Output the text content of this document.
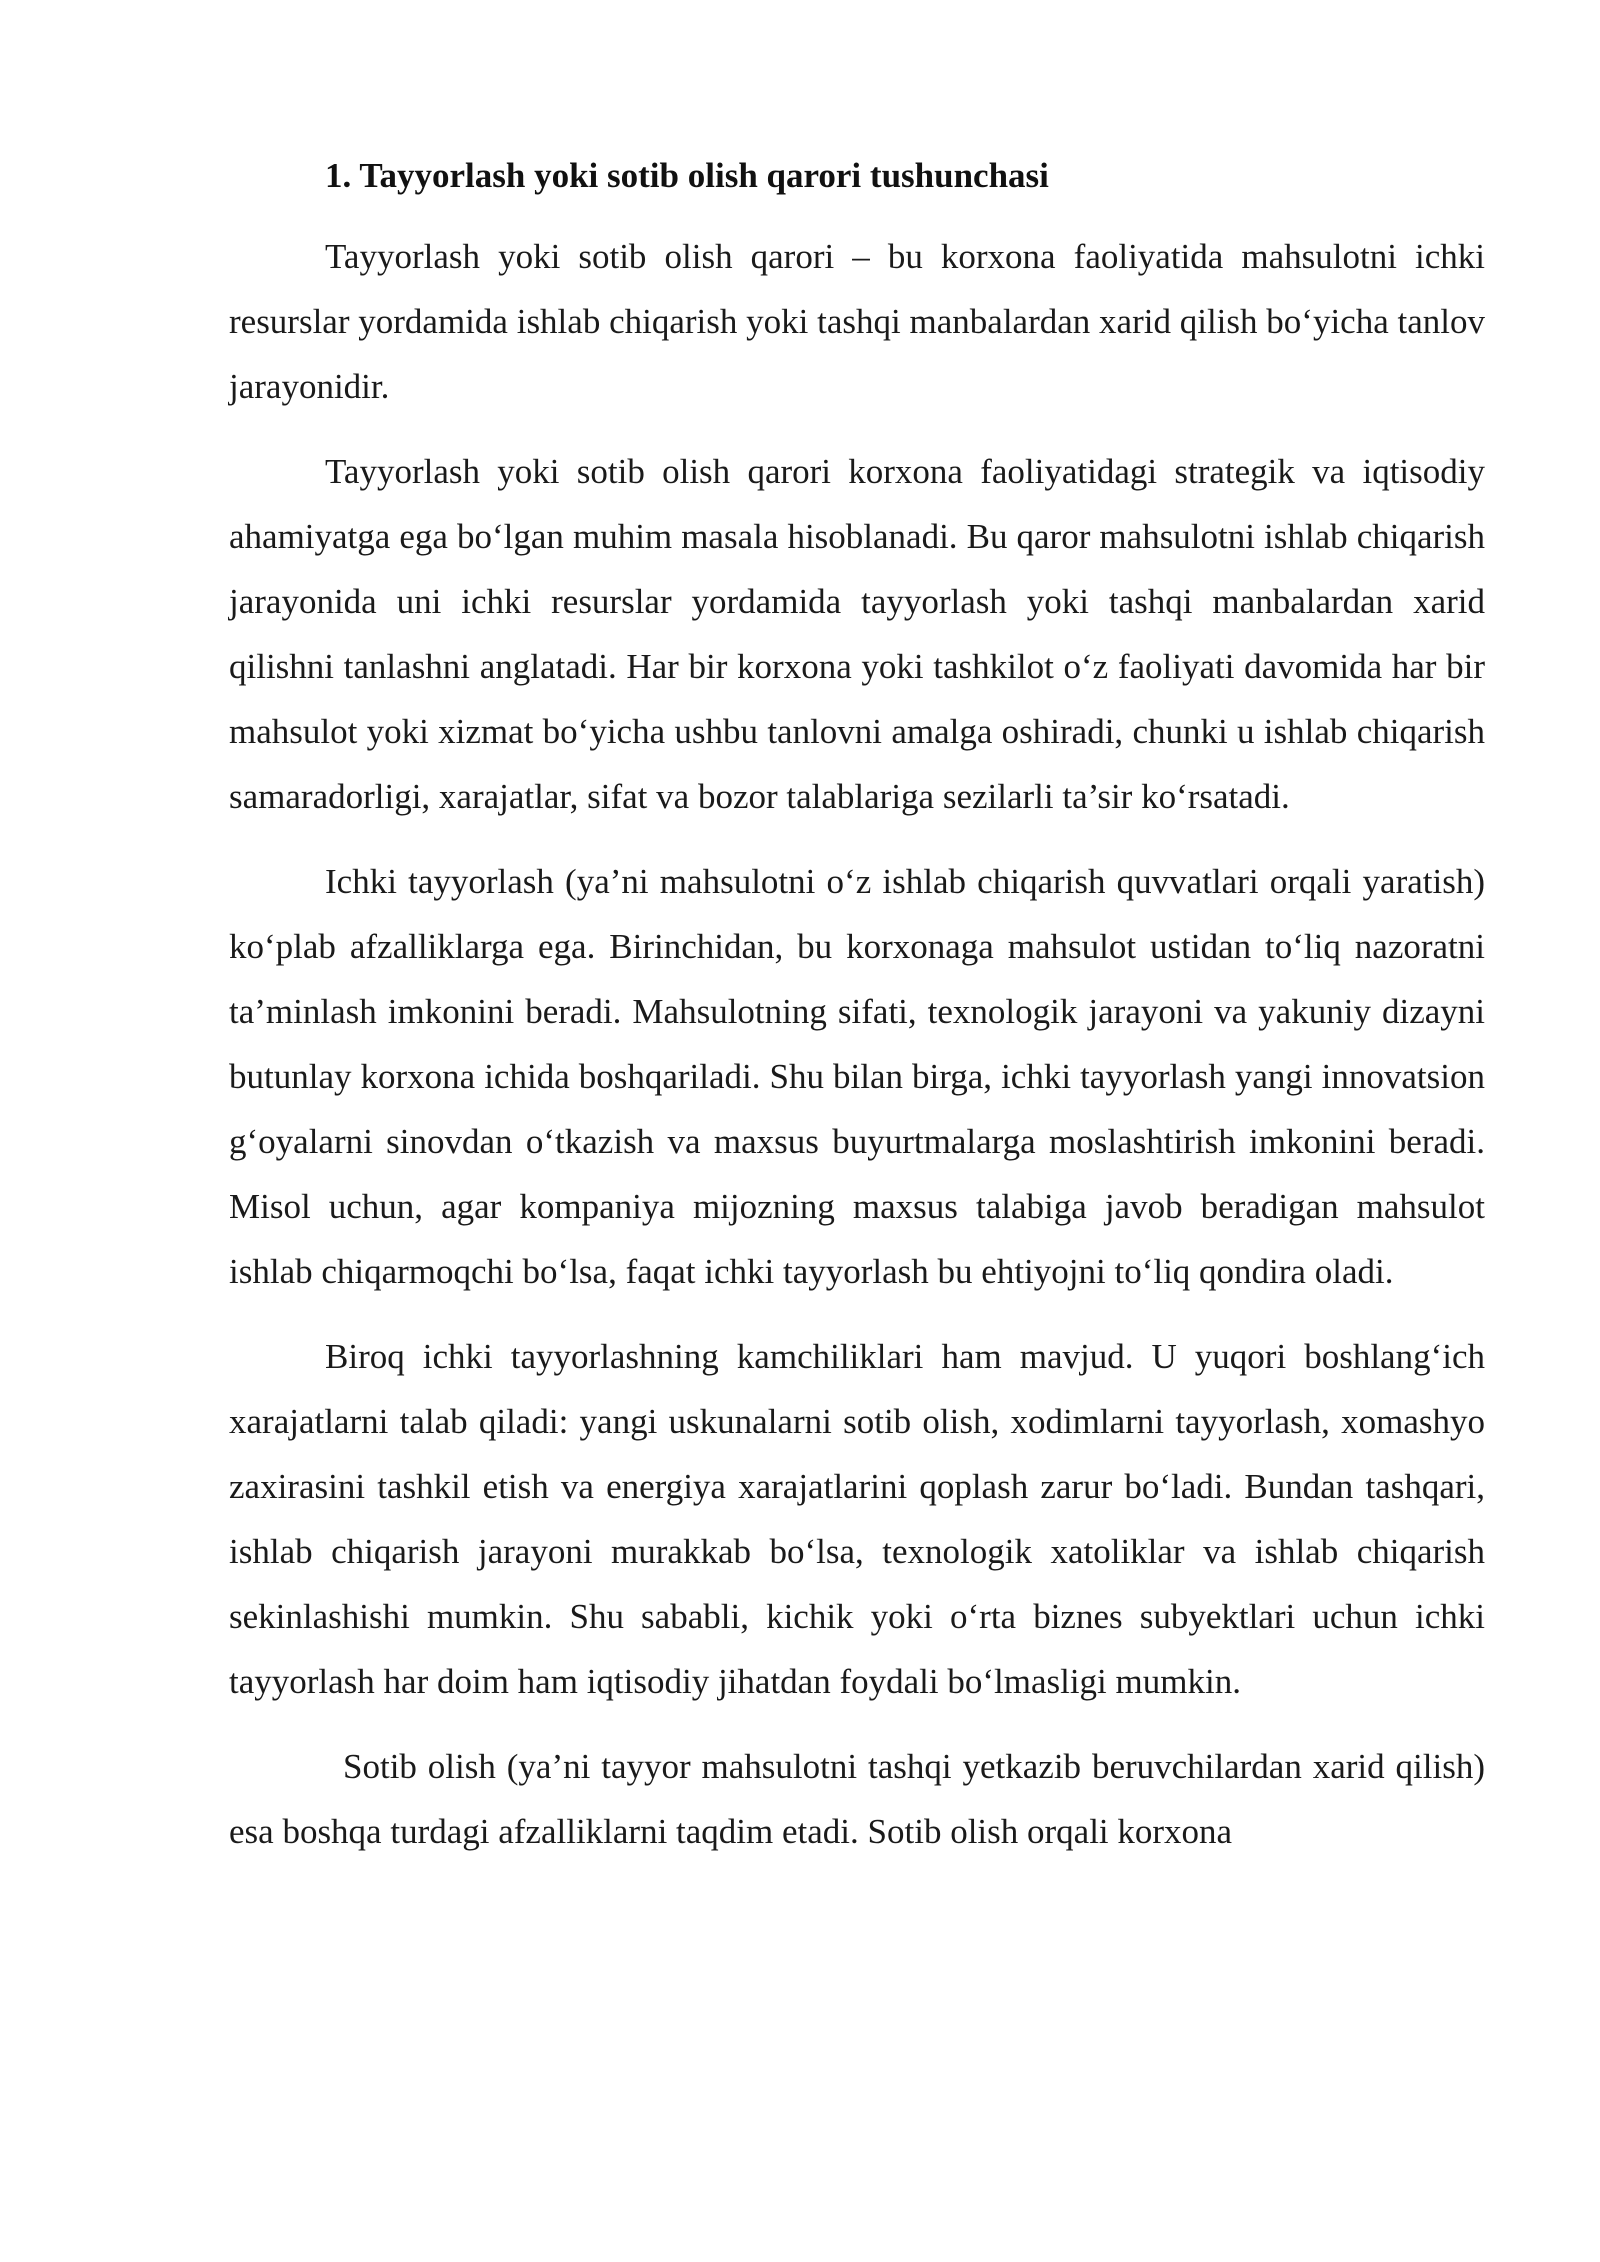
1. Tayyorlash yoki sotib olish qarori tushunchasi

Tayyorlash yoki sotib olish qarori – bu korxona faoliyatida mahsulotni ichki resurslar yordamida ishlab chiqarish yoki tashqi manbalardan xarid qilish bo‘yicha tanlov jarayonidir.

Tayyorlash yoki sotib olish qarori korxona faoliyatidagi strategik va iqtisodiy ahamiyatga ega bo‘lgan muhim masala hisoblanadi. Bu qaror mahsulotni ishlab chiqarish jarayonida uni ichki resurslar yordamida tayyorlash yoki tashqi manbalardan xarid qilishni tanlashni anglatadi. Har bir korxona yoki tashkilot o‘z faoliyati davomida har bir mahsulot yoki xizmat bo‘yicha ushbu tanlovni amalga oshiradi, chunki u ishlab chiqarish samaradorligi, xarajatlar, sifat va bozor talablariga sezilarli ta’sir ko‘rsatadi.

Ichki tayyorlash (ya’ni mahsulotni o‘z ishlab chiqarish quvvatlari orqali yaratish) ko‘plab afzalliklarga ega. Birinchidan, bu korxonaga mahsulot ustidan to‘liq nazoratni ta’minlash imkonini beradi. Mahsulotning sifati, texnologik jarayoni va yakuniy dizayni butunlay korxona ichida boshqariladi. Shu bilan birga, ichki tayyorlash yangi innovatsion g‘oyalarni sinovdan o‘tkazish va maxsus buyurtmalarga moslashtirish imkonini beradi. Misol uchun, agar kompaniya mijozning maxsus talabiga javob beradigan mahsulot ishlab chiqarmoqchi bo‘lsa, faqat ichki tayyorlash bu ehtiyojni to‘liq qondira oladi.

Biroq ichki tayyorlashning kamchiliklari ham mavjud. U yuqori boshlang‘ich xarajatlarni talab qiladi: yangi uskunalarni sotib olish, xodimlarni tayyorlash, xomashyo zaxirasini tashkil etish va energiya xarajatlarini qoplash zarur bo‘ladi. Bundan tashqari, ishlab chiqarish jarayoni murakkab bo‘lsa, texnologik xatoliklar va ishlab chiqarish sekinlashishi mumkin. Shu sababli, kichik yoki o‘rta biznes subyektlari uchun ichki tayyorlash har doim ham iqtisodiy jihatdan foydali bo‘lmasligi mumkin.

Sotib olish (ya’ni tayyor mahsulotni tashqi yetkazib beruvchilardan xarid qilish) esa boshqa turdagi afzalliklarni taqdim etadi. Sotib olish orqali korxona
